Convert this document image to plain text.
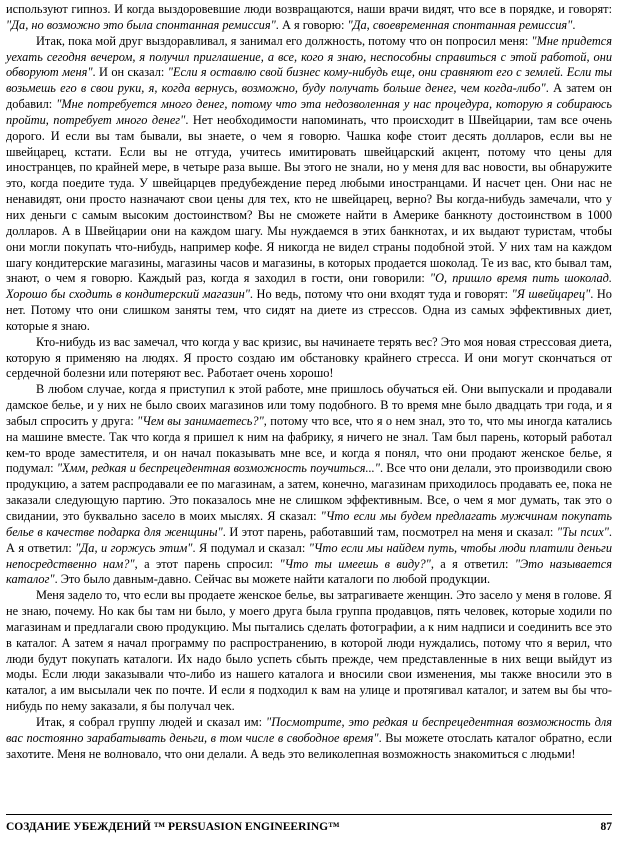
используют гипноз. И когда выздоровевшие люди возвращаются, наши врачи видят, что все в порядке, и говорят: "Да, но возможно это была спонтанная ремиссия". А я говорю: "Да, своевременная спонтанная ремиссия".

Итак, пока мой друг выздоравливал, я занимал его должность, потому что он попросил меня: "Мне придется уехать сегодня вечером, я получил приглашение, а все, кого я знаю, неспособны справиться с этой работой, они обворуют меня". И он сказал: "Если я оставлю свой бизнес кому-нибудь еще, они сравняют его с землей. Если ты возьмешь его в свои руки, я, когда вернусь, возможно, буду получать больше денег, чем когда-либо". А затем он добавил: "Мне потребуется много денег, потому что эта недозволенная у нас процедура, которую я собираюсь пройти, потребует много денег". Нет необходимости напоминать, что происходит в Швейцарии, там все очень дорого. И если вы там бывали, вы знаете, о чем я говорю. Чашка кофе стоит десять долларов, если вы не швейцарец, кстати. Если вы не отгуда, учитесь имитировать швейцарский акцент, потому что цены для иностранцев, по крайней мере, в четыре раза выше. Вы этого не знали, но у меня для вас новости, вы обнаружите это, когда поедите туда. У швейцарцев предубеждение перед любыми иностранцами. И насчет цен. Они нас не ненавидят, они просто назначают свои цены для тех, кто не швейцарец, верно? Вы когда-нибудь замечали, что у них деньги с самым высоким достоинством? Вы не сможете найти в Америке банкноту достоинством в 1000 долларов. А в Швейцарии они на каждом шагу. Мы нуждаемся в этих банкнотах, и их выдают туристам, чтобы они могли покупать что-нибудь, например кофе. Я никогда не видел страны подобной этой. У них там на каждом шагу кондитерские магазины, магазины часов и магазины, в которых продается шоколад. Те из вас, кто бывал там, знают, о чем я говорю. Каждый раз, когда я заходил в гости, они говорили: "О, пришло время пить шоколад. Хорошо бы сходить в кондитерский магазин". Но ведь, потому что они входят туда и говорят: "Я швейцарец". Но нет. Потому что они слишком заняты тем, что сидят на диете из стрессов. Одна из самых эффективных диет, которые я знаю.

Кто-нибудь из вас замечал, что когда у вас кризис, вы начинаете терять вес? Это моя новая стрессовая диета, которую я применяю на людях. Я просто создаю им обстановку крайнего стресса. И они могут скончаться от сердечной болезни или потеряют вес. Работает очень хорошо!

В любом случае, когда я приступил к этой работе, мне пришлось обучаться ей. Они выпускали и продавали дамское белье, и у них не было своих магазинов или тому подобного. В то время мне было двадцать три года, и я забыл спросить у друга: "Чем вы занимаетесь?", потому что все, что я о нем знал, это то, что мы иногда катались на машине вместе. Так что когда я пришел к ним на фабрику, я ничего не знал. Там был парень, который работал кем-то вроде заместителя, и он начал показывать мне все, и когда я понял, что они продают женское белье, я подумал: "Хмм, редкая и беспрецедентная возможность поучиться...". Все что они делали, это производили свою продукцию, а затем распродавали ее по магазинам, а затем, конечно, магазинам приходилось продавать ее, пока не заказали следующую партию. Это показалось мне не слишком эффективным. Все, о чем я мог думать, так это о свидании, это буквально засело в моих мыслях. Я сказал: "Что если мы будем предлагать мужчинам покупать белье в качестве подарка для женщины". И этот парень, работавший там, посмотрел на меня и сказал: "Ты псих". А я ответил: "Да, и горжусь этим". Я подумал и сказал: "Что если мы найдем путь, чтобы люди платили деньги непосредственно нам?", а этот парень спросил: "Что ты имеешь в виду?", а я ответил: "Это называется каталог". Это было давным-давно. Сейчас вы можете найти каталоги по любой продукции.

Меня задело то, что если вы продаете женское белье, вы затрагиваете женщин. Это засело у меня в голове. Я не знаю, почему. Но как бы там ни было, у моего друга была группа продавцов, пять человек, которые ходили по магазинам и предлагали свою продукцию. Мы пытались сделать фотографии, а к ним надписи и соединить все это в каталог. А затем я начал программу по распространению, в которой люди нуждались, потому что я верил, что люди будут покупать каталоги. Их надо было успеть сбыть прежде, чем представленные в них вещи выйдут из моды. Если люди заказывали что-либо из нашего каталога и вносили свои изменения, мы также вносили это в каталог, а им высылали чек по почте. И если я подходил к вам на улице и протягивал каталог, и затем вы бы что-нибудь по нему заказали, я бы получал чек.

Итак, я собрал группу людей и сказал им: "Посмотрите, это редкая и беспрецедентная возможность для вас постоянно зарабатывать деньги, в том числе в свободное время". Вы можете отослать каталог обратно, если захотите. Меня не волновало, что они делали. А ведь это великолепная возможность знакомиться с людьми!

СОЗДАНИЕ УБЕЖДЕНИЙ ™ PERSUASION ENGINEERING™	87
